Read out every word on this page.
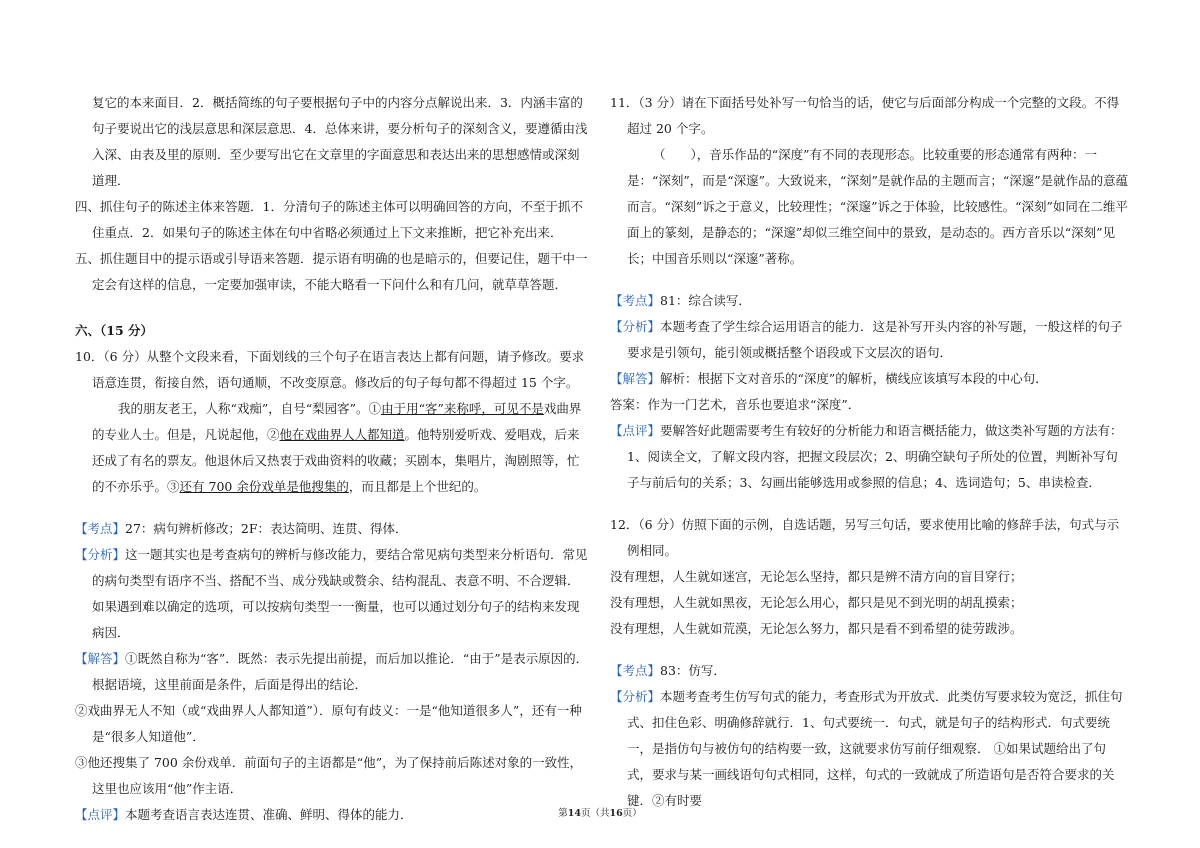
复它的本来面目．2．概括简练的句子要根据句子中的内容分点解说出来．3．内涵丰富的句子要说出它的浅层意思和深层意思．4．总体来讲，要分析句子的深刻含义，要遵循由浅入深、由表及里的原则．至少要写出它在文章里的字面意思和表达出来的思想感情或深刻道理．

四、抓住句子的陈述主体来答题．1．分清句子的陈述主体可以明确回答的方向，不至于抓不住重点．2．如果句子的陈述主体在句中省略必须通过上下文来推断，把它补充出来．

五、抓住题目中的提示语或引导语来答题．提示语有明确的也是暗示的，但要记住，题干中一定会有这样的信息，一定要加强审读，不能大略看一下问什么和有几问，就草草答题．

六、（15 分）

10．（6 分）从整个文段来看，下面划线的三个句子在语言表达上都有问题，请予修改。要求语意连贯，衔接自然，语句通顺，不改变原意。修改后的句子每句都不得超过 15 个字。

我的朋友老王，人称“戏痴”，自号“梨园客”。①由于用“客”来称呼，可见不是戏曲界的专业人士。但是，凡说起他，②他在戏曲界人人都知道。他特别爱听戏、爱唱戏，后来还成了有名的票友。他退休后又热衷于戏曲资料的收藏；买剧本，集唱片，淘剧照等，忙的不亦乐乎。③还有 700 余份戏单是他搜集的，而且都是上个世纪的。

【考点】27：病句辨析修改；2F：表达简明、连贯、得体．

【分析】这一题其实也是考查病句的辨析与修改能力，要结合常见病句类型来分析语句．常见的病句类型有语序不当、搭配不当、成分残缺或赘余、结构混乱、表意不明、不合逻辑．如果遇到难以确定的选项，可以按病句类型一一衡量，也可以通过划分句子的结构来发现病因．

【解答】①既然自称为“客”．既然：表示先提出前提，而后加以推论．“由于”是表示原因的．根据语境，这里前面是条件，后面是得出的结论．

②戏曲界无人不知（或“戏曲界人人都知道”）．原句有歧义：一是“他知道很多人”，还有一种是“很多人知道他”．

③他还搜集了 700 余份戏单．前面句子的主语都是“他”，为了保持前后陈述对象的一致性，这里也应该用“他”作主语．

【点评】本题考查语言表达连贯、准确、鲜明、得体的能力．

11．（3 分）请在下面括号处补写一句恰当的话，使它与后面部分构成一个完整的文段。不得超过 20 个字。

（　　），音乐作品的“深度”有不同的表现形态。比较重要的形态通常有两种：一是：“深刻”，而是“深邃”。大致说来，“深刻”是就作品的主题而言；“深邃”是就作品的意蕴而言。“深刻”诉之于意义，比较理性；“深邃”诉之于体验，比较感性。“深刻”如同在二维平面上的篆刻，是静态的；“深邃”却似三维空间中的景致，是动态的。西方音乐以“深刻”见长；中国音乐则以“深邃”著称。

【考点】81：综合读写．

【分析】本题考查了学生综合运用语言的能力．这是补写开头内容的补写题，一般这样的句子要求是引领句，能引领或概括整个语段或下文层次的语句．

【解答】解析：根据下文对音乐的“深度”的解析，横线应该填写本段的中心句．

答案：作为一门艺术，音乐也要追求“深度”．

【点评】要解答好此题需要考生有较好的分析能力和语言概括能力，做这类补写题的方法有：1、阅读全文，了解文段内容，把握文段层次；2、明确空缺句子所处的位置，判断补写句子与前后句的关系；3、勾画出能够选用或参照的信息；4、选词造句；5、串读检查．

12．（6 分）仿照下面的示例，自选话题，另写三句话，要求使用比喻的修辞手法，句式与示例相同。

没有理想，人生就如迷宫，无论怎么坚持，都只是辨不清方向的盲目穿行；

没有理想，人生就如黑夜，无论怎么用心，都只是见不到光明的胡乱摸索；

没有理想，人生就如荒漠，无论怎么努力，都只是看不到希望的徒劳跋涉。

【考点】83：仿写．

【分析】本题考查考生仿写句式的能力，考查形式为开放式．此类仿写要求较为宽泛，抓住句式、扣住色彩、明确修辞就行．1、句式要统一．句式，就是句子的结构形式．句式要统一，是指仿句与被仿句的结构要一致，这就要求仿写前仔细观察． ①如果试题给出了句式，要求与某一画线语句句式相同，这样，句式的一致就成了所造语句是否符合要求的关键．②有时要

第14页（共16页）
